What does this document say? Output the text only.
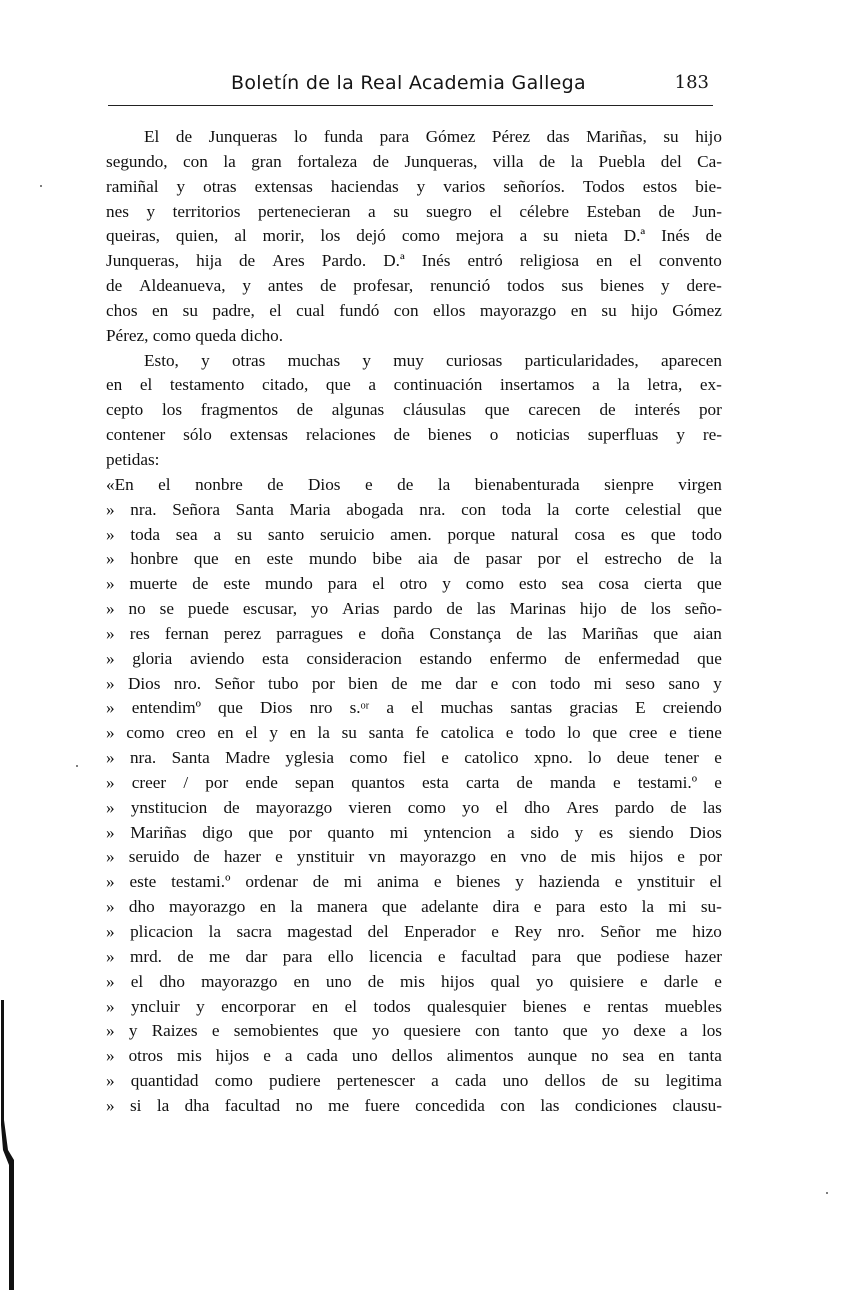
Boletín de la Real Academia Gallega	183
El de Junqueras lo funda para Gómez Pérez das Mariñas, su hijo
segundo, con la gran fortaleza de Junqueras, villa de la Puebla del Ca-
ramiñal y otras extensas haciendas y varios señoríos. Todos estos bie-
nes y territorios pertenecieran a su suegro el célebre Esteban de Jun-
queiras, quien, al morir, los dejó como mejora a su nieta D.ª Inés de
Junqueras, hija de Ares Pardo. D.ª Inés entró religiosa en el convento
de Aldeanueva, y antes de profesar, renunció todos sus bienes y dere-
chos en su padre, el cual fundó con ellos mayorazgo en su hijo Gómez
Pérez, como queda dicho.
Esto, y otras muchas y muy curiosas particularidades, aparecen
en el testamento citado, que a continuación insertamos a la letra, ex-
cepto los fragmentos de algunas cláusulas que carecen de interés por
contener sólo extensas relaciones de bienes o noticias superfluas y re-
petidas:
«En el nonbre de Dios e de la bienabenturada sienpre virgen
» nra. Señora Santa Maria abogada nra. con toda la corte celestial que
» toda sea a su santo seruicio amen. porque natural cosa es que todo
» honbre que en este mundo bibe aia de pasar por el estrecho de la
» muerte de este mundo para el otro y como esto sea cosa cierta que
» no se puede escusar, yo Arias pardo de las Marinas hijo de los seño-
» res fernan perez parragues e doña Constança de las Mariñas que aian
» gloria aviendo esta consideracion estando enfermo de enfermedad que
» Dios nro. Señor tubo por bien de me dar e con todo mi seso sano y
» entendimº que Dios nro s.ᵒʳ a el muchas santas gracias E creiendo
» como creo en el y en la su santa fe catolica e todo lo que cree e tiene
» nra. Santa Madre yglesia como fiel e catolico xpno. lo deue tener e
» creer / por ende sepan quantos esta carta de manda e testami.º e
» ynstitucion de mayorazgo vieren como yo el dho Ares pardo de las
» Mariñas digo que por quanto mi yntencion a sido y es siendo Dios
» seruido de hazer e ynstituir vn mayorazgo en vno de mis hijos e por
» este testami.º ordenar de mi anima e bienes y hazienda e ynstituir el
» dho mayorazgo en la manera que adelante dira e para esto la mi su-
» plicacion la sacra magestad del Enperador e Rey nro. Señor me hizo
» mrd. de me dar para ello licencia e facultad para que podiese hazer
» el dho mayorazgo en uno de mis hijos qual yo quisiere e darle e
» yncluir y encorporar en el todos qualesquier bienes e rentas muebles
» y Raizes e semobientes que yo quesiere con tanto que yo dexe a los
» otros mis hijos e a cada uno dellos alimentos aunque no sea en tanta
» quantidad como pudiere pertenescer a cada uno dellos de su legitima
» si la dha facultad no me fuere concedida con las condiciones clausu-
